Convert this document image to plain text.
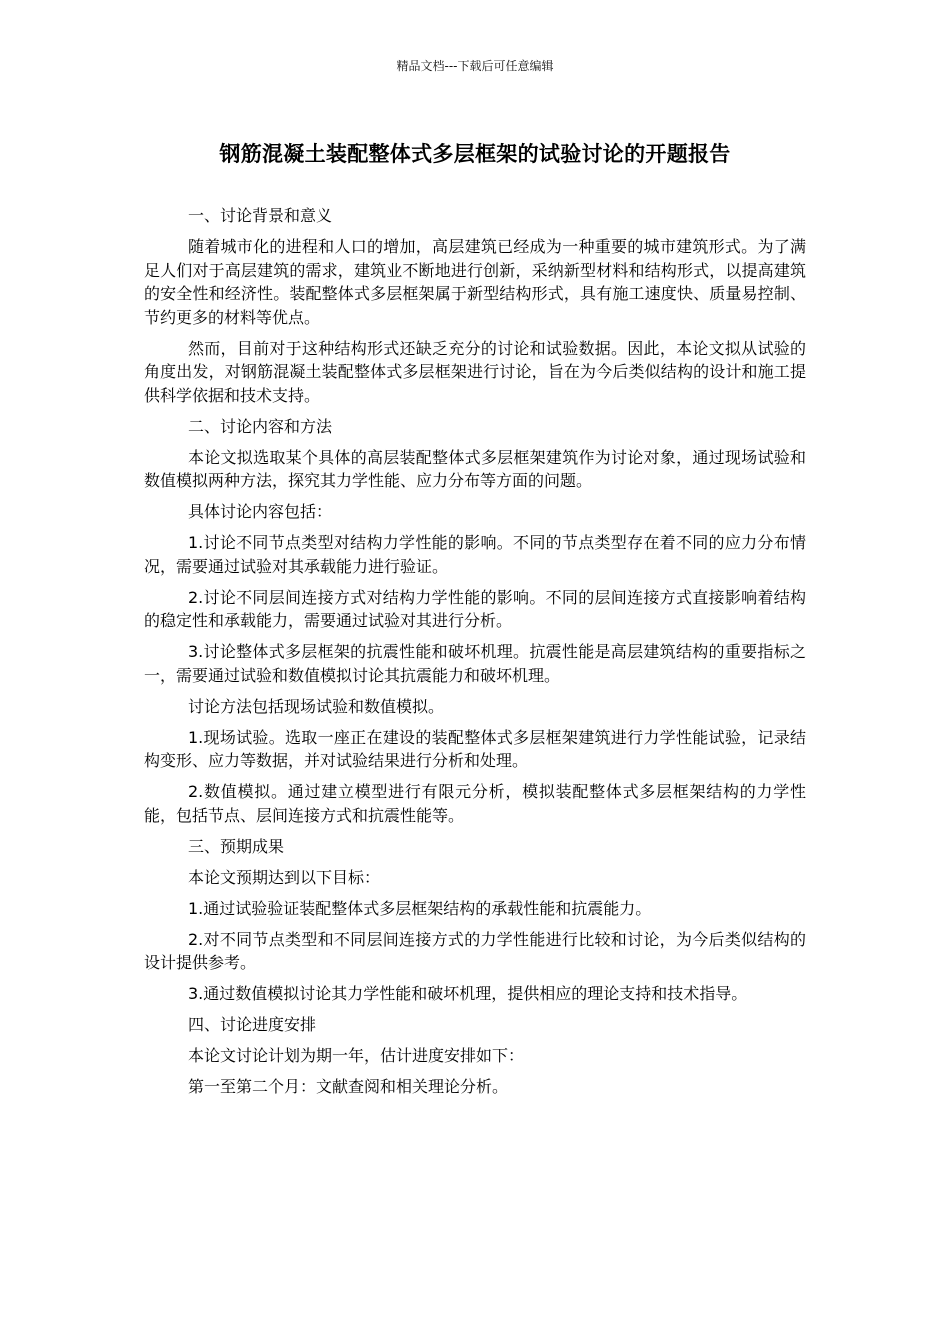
精品文档---下载后可任意编辑
钢筋混凝土装配整体式多层框架的试验讨论的开题报告

一、讨论背景和意义

随着城市化的进程和人口的增加，高层建筑已经成为一种重要的城市建筑形式。为了满足人们对于高层建筑的需求，建筑业不断地进行创新，采纳新型材料和结构形式，以提高建筑的安全性和经济性。装配整体式多层框架属于新型结构形式，具有施工速度快、质量易控制、节约更多的材料等优点。

然而，目前对于这种结构形式还缺乏充分的讨论和试验数据。因此，本论文拟从试验的角度出发，对钢筋混凝土装配整体式多层框架进行讨论，旨在为今后类似结构的设计和施工提供科学依据和技术支持。

二、讨论内容和方法

本论文拟选取某个具体的高层装配整体式多层框架建筑作为讨论对象，通过现场试验和数值模拟两种方法，探究其力学性能、应力分布等方面的问题。

具体讨论内容包括：

1.讨论不同节点类型对结构力学性能的影响。不同的节点类型存在着不同的应力分布情况，需要通过试验对其承载能力进行验证。

2.讨论不同层间连接方式对结构力学性能的影响。不同的层间连接方式直接影响着结构的稳定性和承载能力，需要通过试验对其进行分析。

3.讨论整体式多层框架的抗震性能和破坏机理。抗震性能是高层建筑结构的重要指标之一，需要通过试验和数值模拟讨论其抗震能力和破坏机理。

讨论方法包括现场试验和数值模拟。

1.现场试验。选取一座正在建设的装配整体式多层框架建筑进行力学性能试验，记录结构变形、应力等数据，并对试验结果进行分析和处理。

2.数值模拟。通过建立模型进行有限元分析，模拟装配整体式多层框架结构的力学性能，包括节点、层间连接方式和抗震性能等。

三、预期成果

本论文预期达到以下目标：

1.通过试验验证装配整体式多层框架结构的承载性能和抗震能力。

2.对不同节点类型和不同层间连接方式的力学性能进行比较和讨论，为今后类似结构的设计提供参考。

3.通过数值模拟讨论其力学性能和破坏机理，提供相应的理论支持和技术指导。

四、讨论进度安排

本论文讨论计划为期一年，估计进度安排如下：

第一至第二个月：文献查阅和相关理论分析。
